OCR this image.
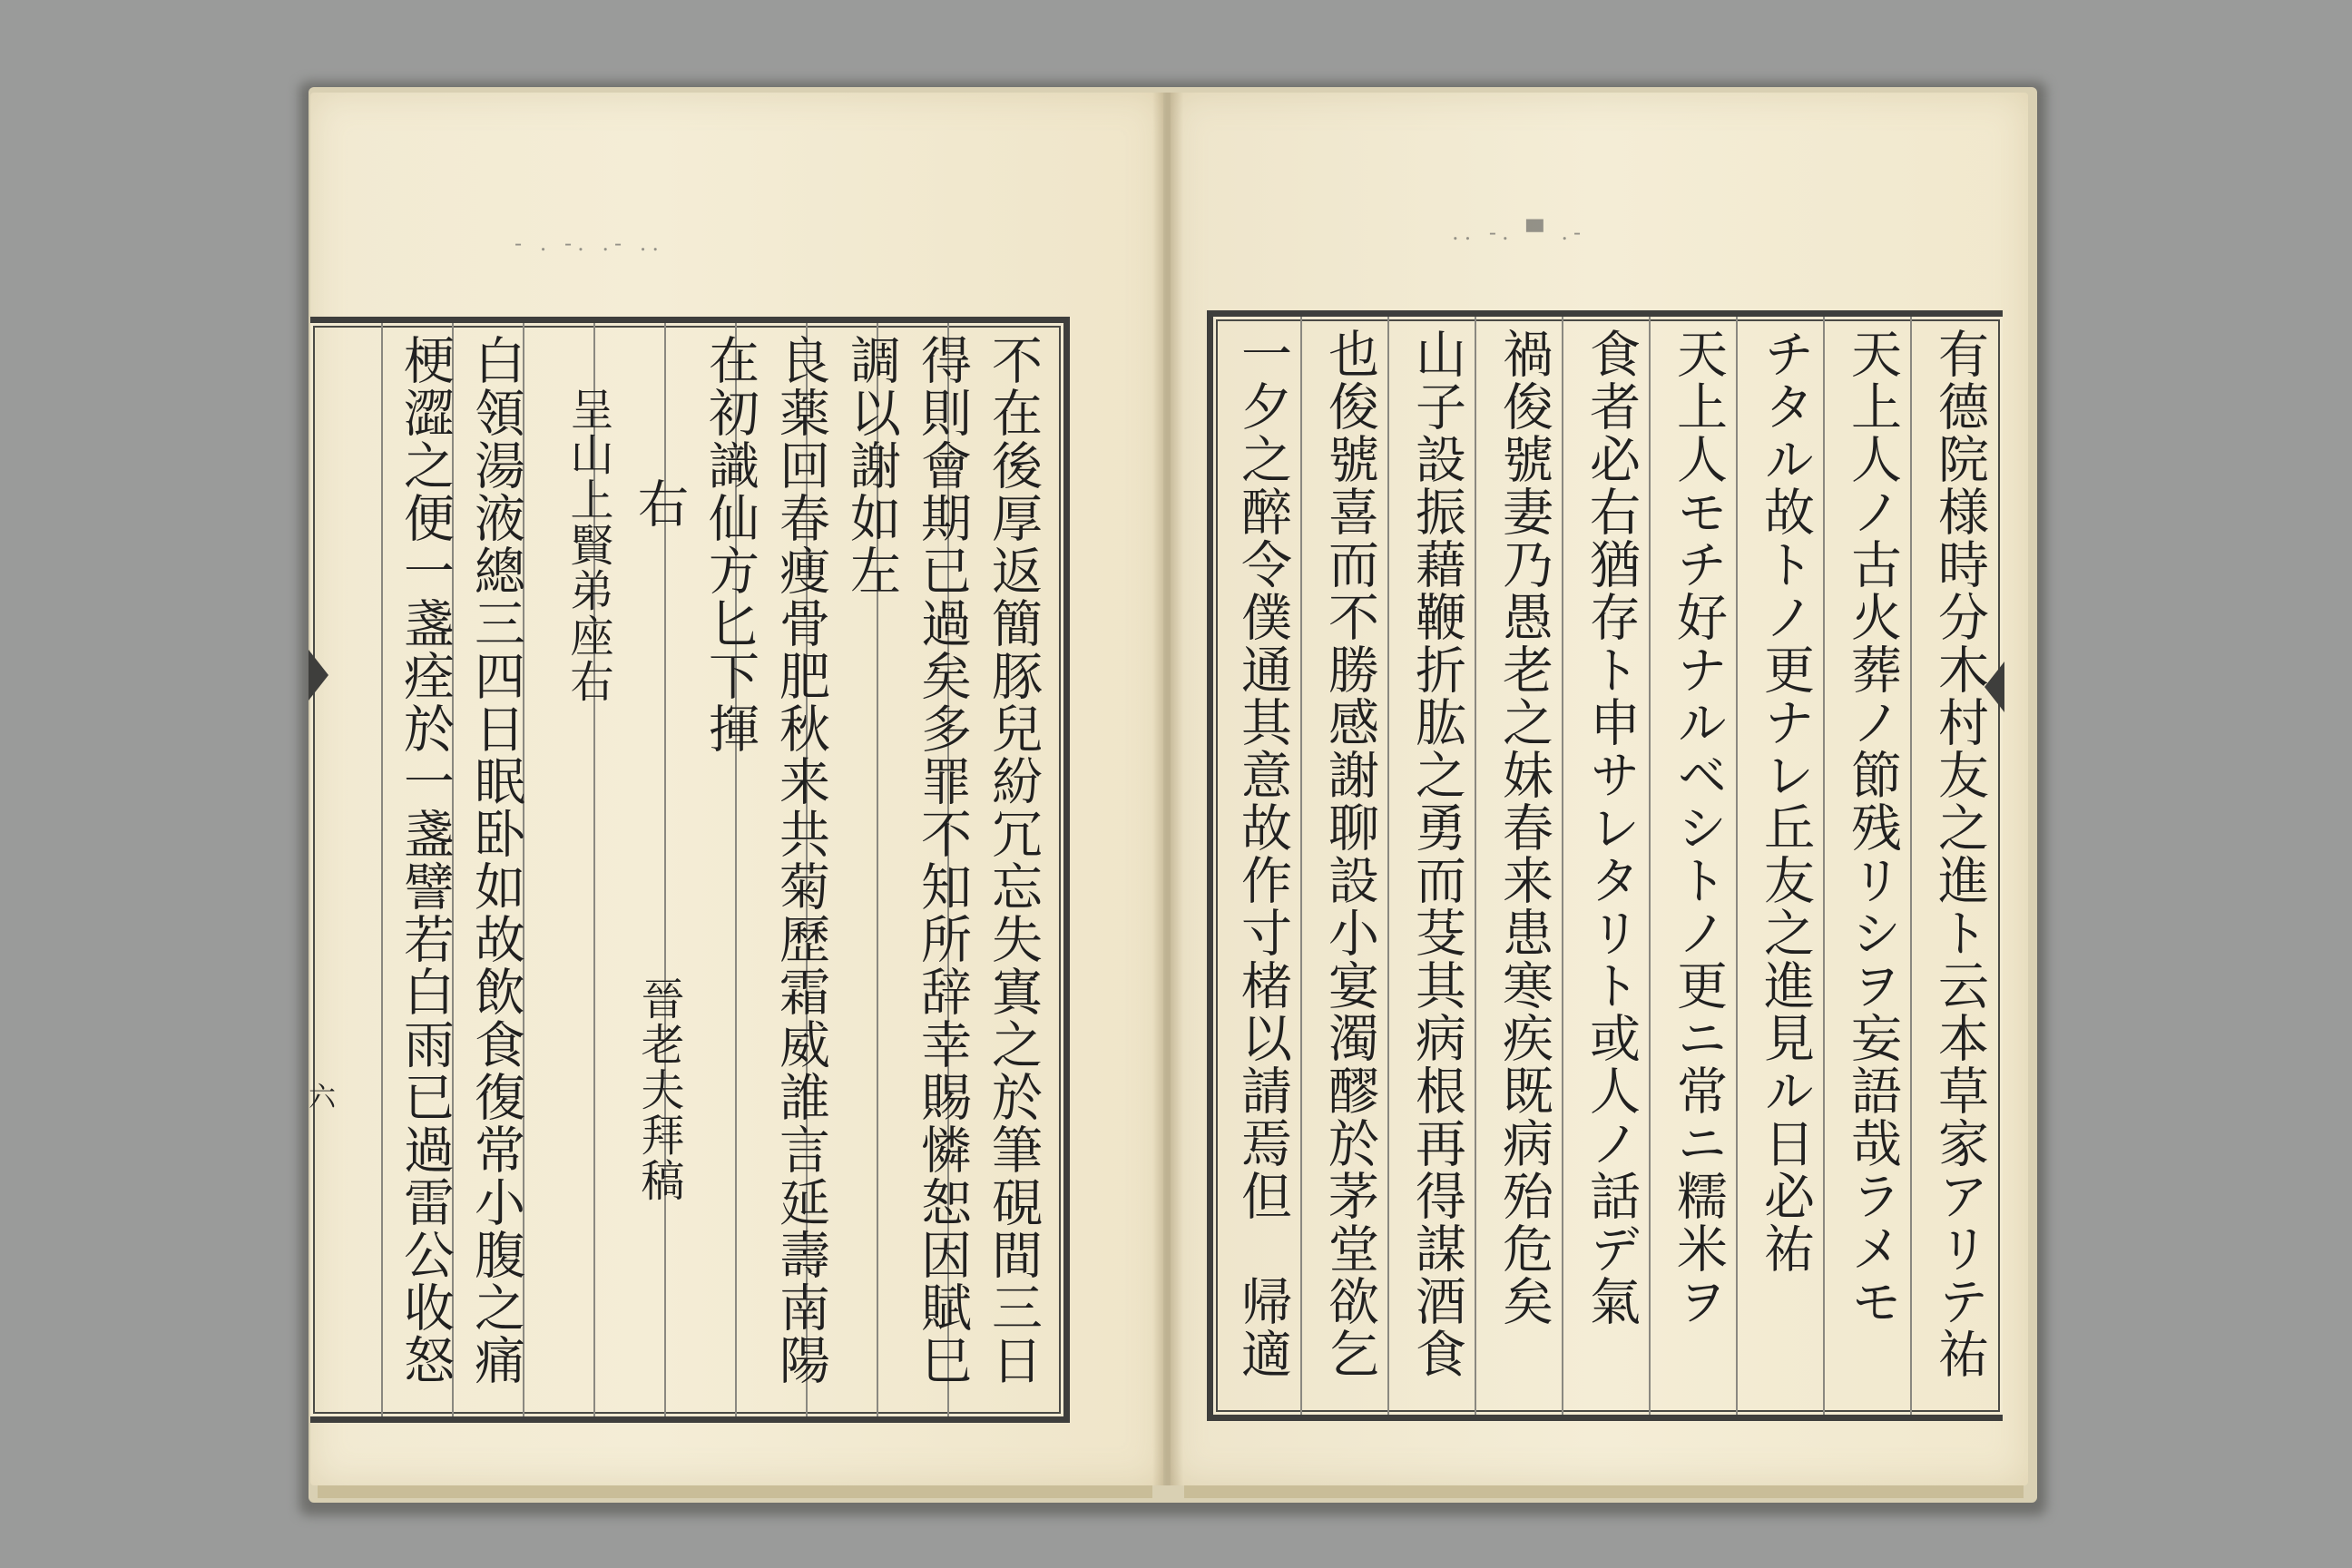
- . -. .- ..
不在後厚返簡豚兒紛冗忘失寘之於筆硯間三日
得則會期已過矣多罪不知所辞幸賜憐恕因賦巳
調以謝如左
良薬回春痩骨肥秋来共菊歷霜威誰言延壽南陽
在初識仙方匕下揮
右
晉老夫拜稿
呈山上賢弟座右
白領湯液總三四日眠卧如故飲食復常小腹之痛
梗澀之便一盞痊於一盞譬若白雨已過雷公收怒
六
.. -. ▀ .-
有德院様時分木村友之進ト云本草家アリテ祐
天上人ノ古火葬ノ節残リシヲ妄語哉ラメモ
チタル故トノ更ナレ丘友之進見ル日必祐
天上人モチ好ナルベシトノ更ニ常ニ糯米ヲ
食者必右猶存ト申サレタリト或人ノ話デ氣
禍俊號妻乃愚老之妹春来患寒疾既病殆危矣
山子設振藉鞭折肱之勇而芟其病根再得謀酒食
也俊號喜而不勝感謝聊設小宴濁醪於茅堂欲乞
一夕之醉令僕通其意故作寸楮以請焉但　帰適
